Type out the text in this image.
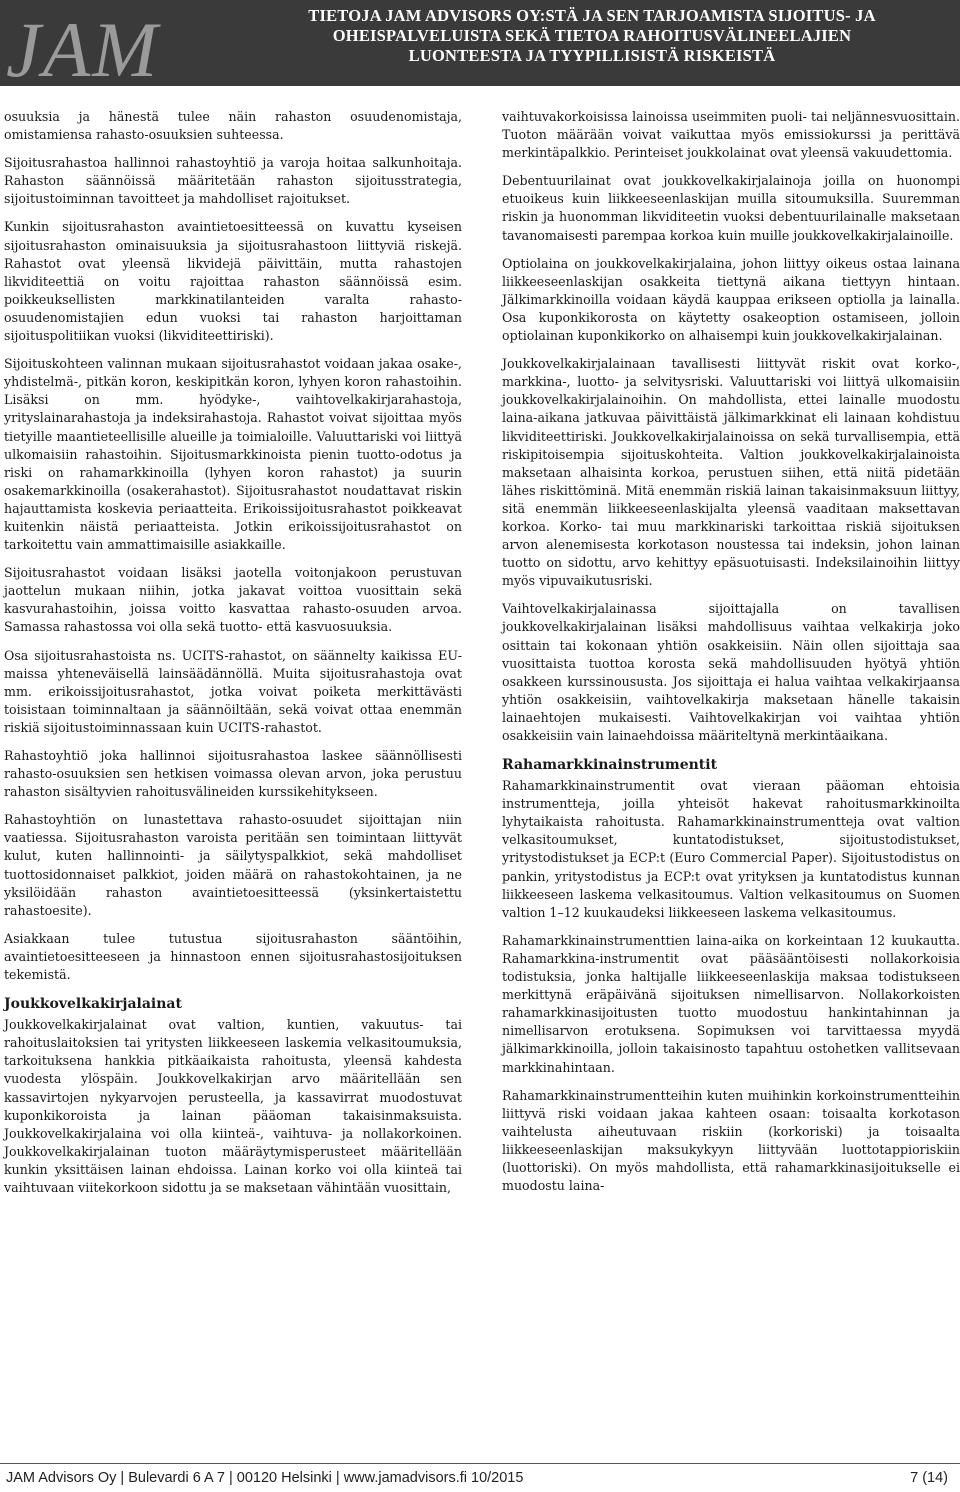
JAM	TIETOJA JAM ADVISORS OY:STÄ JA SEN TARJOAMISTA SIJOITUS- JA
OHEISPALVELUISTA SEKÄ TIETOA RAHOITUSVÄLINEELAJIEN
LUONTEESTA JA TYYPILLISISTÄ RISKEISTÄ

osuuksia ja hänestä tulee näin rahaston osuudenomistaja, omistamiensa rahasto-osuuksien suhteessa.

Sijoitusrahastoa hallinnoi rahastoyhtiö ja varoja hoitaa salkunhoitaja. Rahaston säännöissä määritetään rahaston sijoitusstrategia, sijoitustoiminnan tavoitteet ja mahdolliset rajoitukset.

Kunkin sijoitusrahaston avaintietoesitteessä on kuvattu kyseisen sijoitusrahaston ominaisuuksia ja sijoitusrahastoon liittyviä riskejä. Rahastot ovat yleensä likvidejä päivittäin, mutta rahastojen likviditeettiä on voitu rajoittaa rahaston säännöissä esim. poikkeuksellisten markkinatilanteiden varalta rahasto-osuudenomistajien edun vuoksi tai rahaston harjoittaman sijoituspolitiikan vuoksi (likviditeettiriski).

Sijoituskohteen valinnan mukaan sijoitusrahastot voidaan jakaa osake-, yhdistelmä-, pitkän koron, keskipitkän koron, lyhyen koron rahastoihin. Lisäksi on mm. hyödyke-, vaihtovelkakirjarahastoja, yrityslainarahastoja ja indeksirahastoja. Rahastot voivat sijoittaa myös tietyille maantieteellisille alueille ja toimialoille. Valuuttariski voi liittyä ulkomaisiin rahastoihin. Sijoitusmarkkinoista pienin tuotto-odotus ja riski on rahamarkkinoilla (lyhyen koron rahastot) ja suurin osakemarkkinoilla (osakerahastot). Sijoitusrahastot noudattavat riskin hajauttamista koskevia periaatteita. Erikoissijoitusrahastot poikkeavat kuitenkin näistä periaatteista. Jotkin erikoissijoitusrahastot on tarkoitettu vain ammattimaisille asiakkaille.

Sijoitusrahastot voidaan lisäksi jaotella voitonjakoon perustuvan jaottelun mukaan niihin, jotka jakavat voittoa vuosittain sekä kasvurahastoihin, joissa voitto kasvattaa rahasto-osuuden arvoa. Samassa rahastossa voi olla sekä tuotto- että kasvuosuuksia.

Osa sijoitusrahastoista ns. UCITS-rahastot, on säännelty kaikissa EU-maissa yhteneväisellä lainsäädännöllä. Muita sijoitusrahastoja ovat mm. erikoissijoitusrahastot, jotka voivat poiketa merkittävästi toisistaan toiminnaltaan ja säännöiltään, sekä voivat ottaa enemmän riskiä sijoitustoiminnassaan kuin UCITS-rahastot.

Rahastoyhtiö joka hallinnoi sijoitusrahastoa laskee säännöllisesti rahasto-osuuksien sen hetkisen voimassa olevan arvon, joka perustuu rahaston sisältyvien rahoitusvälineiden kurssikehitykseen.

Rahastoyhtiön on lunastettava rahasto-osuudet sijoittajan niin vaatiessa. Sijoitusrahaston varoista peritään sen toimintaan liittyvät kulut, kuten hallinnointi- ja säilytyspalkkiot, sekä mahdolliset tuottosidonnaiset palkkiot, joiden määrä on rahastokohtainen, ja ne yksilöidään rahaston avaintietoesitteessä (yksinkertaistettu rahastoesite).

Asiakkaan tulee tutustua sijoitusrahaston sääntöihin, avaintietoesitteeseen ja hinnastoon ennen sijoitusrahastosijoituksen tekemistä.

Joukkovelkakirjalainat

Joukkovelkakirjalainat ovat valtion, kuntien, vakuutus- tai rahoituslaitoksien tai yritysten liikkeeseen laskemia velkasitoumuksia, tarkoituksena hankkia pitkäaikaista rahoitusta, yleensä kahdesta vuodesta ylöspäin. Joukkovelkakirjan arvo määritellään sen kassavirtojen nykyarvojen perusteella, ja kassavirrat muodostuvat kuponkikoroista ja lainan pääoman takaisinmaksuista. Joukkovelkakirjalaina voi olla kiinteä-, vaihtuva- ja nollakorkoinen. Joukkovelkakirjalainan tuoton määräytymisperusteet määritellään kunkin yksittäisen lainan ehdoissa. Lainan korko voi olla kiinteä tai vaihtuvaan viitekorkoon sidottu ja se maksetaan vähintään vuosittain,

vaihtuvakorkoisissa lainoissa useimmiten puoli- tai neljännesvuosittain. Tuoton määrään voivat vaikuttaa myös emissiokurssi ja perittävä merkintäpalkkio. Perinteiset joukkolainat ovat yleensä vakuudettomia.

Debentuurilainat ovat joukkovelkakirjalainoja joilla on huonompi etuoikeus kuin liikkeeseenlaskijan muilla sitoumuksilla. Suuremman riskin ja huonomman likviditeetin vuoksi debentuurilainalle maksetaan tavanomaisesti parempaa korkoa kuin muille joukkovelkakirjalainoille.

Optiolaina on joukkovelkakirjalaina, johon liittyy oikeus ostaa lainana liikkeeseenlaskijan osakkeita tiettynä aikana tiettyyn hintaan. Jälkimarkkinoilla voidaan käydä kauppaa erikseen optiolla ja lainalla. Osa kuponkikorosta on käytetty osakeoption ostamiseen, jolloin optiolainan kuponkikorko on alhaisempi kuin joukkovelkakirjalainan.

Joukkovelkakirjalainaan tavallisesti liittyvät riskit ovat korko-, markkina-, luotto- ja selvitysriski. Valuuttariski voi liittyä ulkomaisiin joukkovelkakirjalainoihin. On mahdollista, ettei lainalle muodostu laina-aikana jatkuvaa päivittäistä jälkimarkkinat eli lainaan kohdistuu likviditeettiriski. Joukkovelkakirjalainoissa on sekä turvallisempia, että riskipitoisempia sijoituskohteita. Valtion joukkovelkakirjalainoista maksetaan alhaisinta korkoa, perustuen siihen, että niitä pidetään lähes riskittöminä. Mitä enemmän riskiä lainan takaisinmaksuun liittyy, sitä enemmän liikkeeseenlaskijalta yleensä vaaditaan maksettavan korkoa. Korko- tai muu markkinariski tarkoittaa riskiä sijoituksen arvon alenemisesta korkotason noustessa tai indeksin, johon lainan tuotto on sidottu, arvo kehittyy epäsuotuisasti. Indeksilainoihin liittyy myös vipuvaikutusriski.

Vaihtovelkakirjalainassa sijoittajalla on tavallisen joukkovelkakirjalainan lisäksi mahdollisuus vaihtaa velkakirja joko osittain tai kokonaan yhtiön osakkeisiin. Näin ollen sijoittaja saa vuosittaista tuottoa korosta sekä mahdollisuuden hyötyä yhtiön osakkeen kurssinoususta. Jos sijoittaja ei halua vaihtaa velkakirjaansa yhtiön osakkeisiin, vaihtovelkakirja maksetaan hänelle takaisin lainaehtojen mukaisesti. Vaihtovelkakirjan voi vaihtaa yhtiön osakkeisiin vain lainaehdoissa määriteltynä merkintäaikana.

Rahamarkkinainstrumentit

Rahamarkkinainstrumentit ovat vieraan pääoman ehtoisia instrumentteja, joilla yhteisöt hakevat rahoitusmarkkinoilta lyhytaikaista rahoitusta. Rahamarkkinainstrumentteja ovat valtion velkasitoumukset, kuntatodistukset, sijoitustodistukset, yritystodistukset ja ECP:t (Euro Commercial Paper). Sijoitustodistus on pankin, yritystodistus ja ECP:t ovat yrityksen ja kuntatodistus kunnan liikkeeseen laskema velkasitoumus. Valtion velkasitoumus on Suomen valtion 1–12 kuukaudeksi liikkeeseen laskema velkasitoumus.

Rahamarkkinainstrumenttien laina-aika on korkeintaan 12 kuukautta. Rahamarkkina-instrumentit ovat pääsääntöisesti nollakorkoisia todistuksia, jonka haltijalle liikkeeseenlaskija maksaa todistukseen merkittynä eräpäivänä sijoituksen nimellisarvon. Nollakorkoisten rahamarkkinasijoitusten tuotto muodostuu hankintahinnan ja nimellisarvon erotuksena. Sopimuksen voi tarvittaessa myydä jälkimarkkinoilla, jolloin takaisinosto tapahtuu ostohetken vallitsevaan markkinahintaan.

Rahamarkkinainstrumentteihin kuten muihinkin korkoinstrumentteihin liittyvä riski voidaan jakaa kahteen osaan: toisaalta korkotason vaihtelusta aiheutuvaan riskiin (korkoriski) ja toisaalta liikkeeseenlaskijan maksukykyyn liittyvään luottotappioriskiin (luottoriski). On myös mahdollista, että rahamarkkinasijoitukselle ei muodostu laina-

JAM Advisors Oy | Bulevardi 6 A 7 | 00120 Helsinki | www.jamadvisors.fi 10/2015	7 (14)
